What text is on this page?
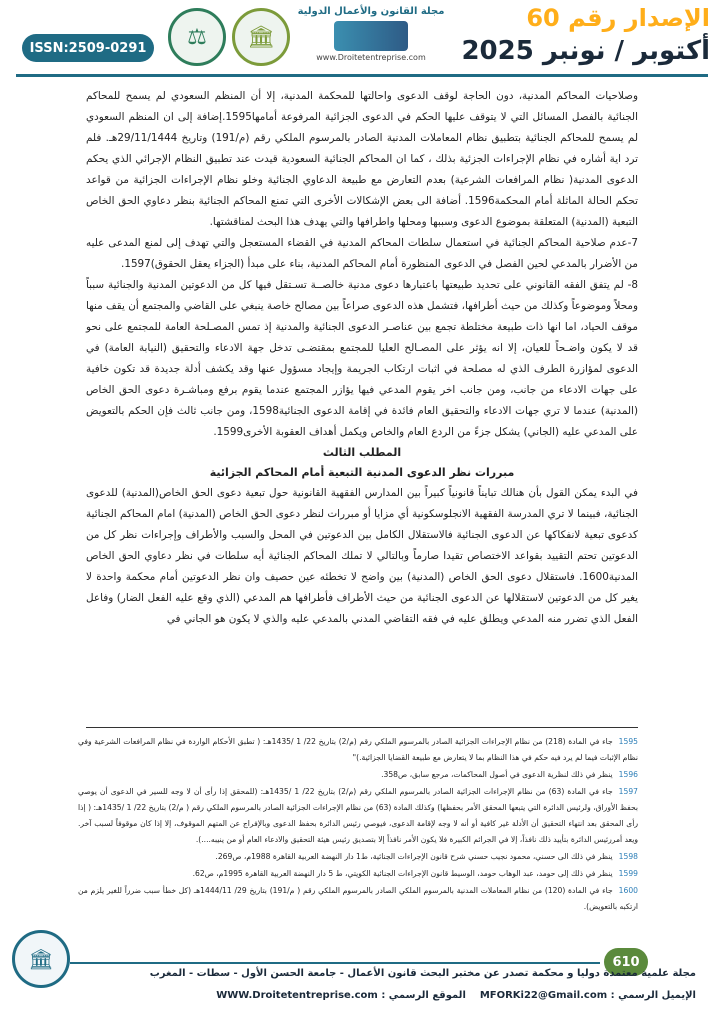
ISSN:2509-0291	⚖	🏛
مجلة القانون والأعمال الدولية
www.Droitetentreprise.com
الإصدار رقم 60
أكتوبر / نونبر 2025

وصلاحيات المحاكم المدنية، دون الحاجة لوقف الدعوى واحالتها للمحكمة المدنية، إلا أن المنظم السعودي لم يسمح للمحاكم الجنائية بالفصل المسائل التي لا يتوقف عليها الحكم في الدعوى الجزائية المرفوعة أمامها1595.إضافة إلى ان المنظم السعودي لم يسمح للمحاكم الجنائية بتطبيق نظام المعاملات المدنية الصادر بالمرسوم الملكي رقم (م/191) وتاريخ 29/11/1444هـ. فلم ترد اية أشاره في نظام الإجراءات الجزئية بذلك ، كما ان المحاكم الجنائية السعودية قيدت عند تطبيق النظام الإجرائي الذي يحكم الدعوى المدنية( نظام المرافعات الشرعية) بعدم التعارض مع طبيعة الدعاوي الجنائية وخلو نظام الإجراءات الجزائية من قواعد تحكم الحالة الماثلة أمام المحكمة1596. أضافة الى بعض الإشكالات الأخرى التي تمنع المحاكم الجنائية بنظر دعاوي الحق الخاص التبعية (المدنية) المتعلقة بموضوع الدعوى وسببها ومحلها واطرافها والتي يهدف هذا البحث لمناقشتها.

7-عدم صلاحية المحاكم الجنائية في استعمال سلطات المحاكم المدنية في القضاء المستعجل والتي تهدف إلى لمنع المدعى عليه من الأضرار بالمدعي لحين الفصل في الدعوى المنظورة أمام المحاكم المدنية، بناء على مبدأ (الجزاء يعقل الحقوق)1597.

8- لم يتفق الفقه القانوني على تحديد طبيعتها باعتبارها دعوى مدنية خالصــة تسـتقل فيها كل من الدعوتين المدنية والجنائية سبباً ومحلاً وموضوعاً وكذلك من حيث أطرافها، فتشمل هذه الدعوى صراعاً بين مصالح خاصة ينبغي على القاضي والمجتمع أن يقف منها موقف الحياد، اما انها ذات طبيعة مختلطة تجمع بين عناصـر الدعوى الجنائية والمدنية إذ تمس المصـلحة العامة للمجتمع على نحو قد لا يكون واضـحاً للعيان، إلا انه يؤثر على المصـالح العليا للمجتمع بمقتضـى تدخل جهة الادعاء والتحقيق (النيابة العامة) في الدعوى لمؤازرة الطرف الذي له مصلحة في اثبات ارتكاب الجريمة وإيجاد مسؤول عنها وقد يكشف أدلة جديدة قد تكون خافية على جهات الادعاء من جانب، ومن جانب اخر يقوم المدعي فيها يؤازر المجتمع عندما يقوم برفع ومباشـرة دعوى الحق الخاص (المدنية) عندما لا تري جهات الادعاء والتحقيق العام فائدة في إقامة الدعوى الجنائية1598، ومن جانب ثالث فإن الحكم بالتعويض على المدعي عليه (الجاني) يشكل جزءً من الردع العام والخاص ويكمل أهداف العقوبة الأخرى1599.

المطلب الثالث

مبررات نظر الدعوى المدنية التبعية أمام المحاكم الجزائية

في البدء يمكن القول بأن هنالك تبايناً قانونياً كبيراً بين المدارس الفقهية القانونية حول تبعية دعوى الحق الخاص(المدنية) للدعوى الجنائية، فبينما لا تري المدرسة الفقهية الانجلوسكونية أي مزايا أو مبررات لنظر دعوى الحق الخاص (المدنية) امام المحاكم الجنائية كدعوى تبعية لانفكاكها عن الدعوى الجنائية فالاستقلال الكامل بين الدعوتين في المحل والسبب والأطراف وإجراءات نظر كل من الدعوتين تحتم التقييد بقواعد الاختصاص تقيدا صارماً وبالتالي لا تملك المحاكم الجنائية أيه سلطات في نظر دعاوي الحق الخاص المدنية1600. فاستقلال دعوى الحق الخاص (المدنية) بين واضح لا تخطئه عين حصيف وان نظر الدعوتين أمام محكمة واحدة لا يغير كل من الدعوتين لاستقلالها عن الدعوى الجنائية من حيث الأطراف فأطرافها هم المدعي (الذي وقع عليه الفعل الضار) وفاعل الفعل الذي تضرر منه المدعي ويطلق عليه في فقه التقاضي المدني بالمدعي عليه والذي لا يكون هو الجاني في

1595جاء في المادة (218) من نظام الإجراءات الجزائية الصادر بالمرسوم الملكي رقم (م/2) بتاريخ 22/ 1 /1435هـ: ( تطبق الأحكام الواردة في نظام المرافعات الشرعية وفي نظام الإثبات فيما لم يرد فيه حكم في هذا النظام بما لا يتعارض مع طبيعة القضايا الجزائية.)"

1596ينظر في ذلك لنظرية الدعوى في أصول المحاكمات، مرجع سابق، ص358.

1597جاء في المادة (63) من نظام الإجراءات الجزائية الصادر بالمرسوم الملكي رقم (م/2) بتاريخ 22/ 1 /1435هـ: (للمحقق إذا رأى أن لا وجه للسير في الدعوى أن يوصي بحفظ الأوراق، ولرئيس الدائرة التي يتبعها المحقق الأمر بحفظها) وكذلك المادة (63) من نظام الإجراءات الجزائية الصادر بالمرسوم الملكي رقم ( م/2) بتاريخ 22/ 1 /1435هـ: ( إذا رأى المحقق بعد انتهاء التحقيق أن الأدلة غير كافية أو أنه لا وجه لإقامة الدعوى، فيوصي رئيس الدائرة بحفظ الدعوى وبالإفراج عن المتهم الموقوف، إلا إذا كان موقوفاً لسبب آخر. ويعد أمررئيس الدائرة بتأييد ذلك نافذاً، إلا في الجرائم الكبيرة فلا يكون الأمر نافذاً إلا بتصديق رئيس هيئة التحقيق والادعاء العام أو من ينيبه....).

1598ينظر في ذلك الى حسني، محمود نجيب حسني شرح قانون الإجراءات الجنائية، ط1 دار النهضة العربية القاهرة 1988م، ص269.

1599ينظر في ذلك إلى حومد، عبد الوهاب حومد، الوسيط قانون الإجراءات الجنائية الكويتي، ط 5 دار النهضة العربية القاهرة 1995م، ص62.

1600جاء في المادة (120) من نظام المعاملات المدنية بالمرسوم الملكي الصادر بالمرسوم الملكي رقم ( م/191) بتاريخ 29/ 1444/11هـ (كل خطأ سبب ضرراً للغير يلزم من ارتكبه بالتعويض).

🏛	610
مجلة علمية معتمدة دوليا و محكمة تصدر عن مختبر البحث قانون الأعمال - جامعة الحسن الأول - سطات - المغرب
الإيميل الرسمي : MFORKi22@Gmail.com    الموقع الرسمي : WWW.Droitetentreprise.com
